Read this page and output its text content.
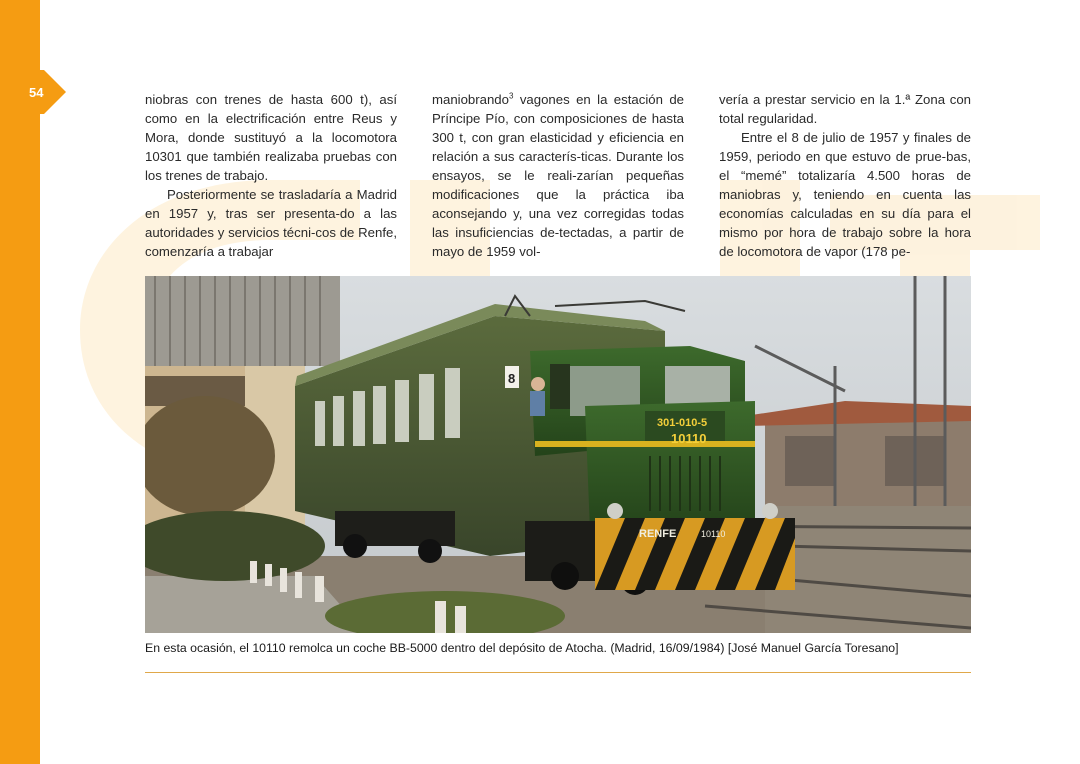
54	niobras con trenes de hasta 600 t), así como en la electrificación entre Reus y Mora, donde sustituyó a la locomotora 10301 que también realizaba pruebas con los trenes de trabajo.

Posteriormente se trasladaría a Madrid en 1957 y, tras ser presenta-do a las autoridades y servicios técni-cos de Renfe, comenzaría a trabajar

maniobrando$^3$ vagones en la estación de Príncipe Pío, con composiciones de hasta 300 t, con gran elasticidad y eficiencia en relación a sus caracterís-ticas. Durante los ensayos, se le reali-zarían pequeñas modificaciones que la práctica iba aconsejando y, una vez corregidas todas las insuficiencias de-tectadas, a partir de mayo de 1959 vol-

vería a prestar servicio en la 1.ª Zona con total regularidad.

Entre el 8 de julio de 1957 y finales de 1959, periodo en que estuvo de prue-bas, el “memé” totalizaría 4.500 horas de maniobras y, teniendo en cuenta las economías calculadas en su día para el mismo por hora de trabajo sobre la hora de locomotora de vapor (178 pe-

301-010-5
10110
RENFE	10110
8
En esta ocasión, el 10110 remolca un coche BB-5000 dentro del depósito de Atocha. (Madrid, 16/09/1984) [José Manuel García Toresano]
